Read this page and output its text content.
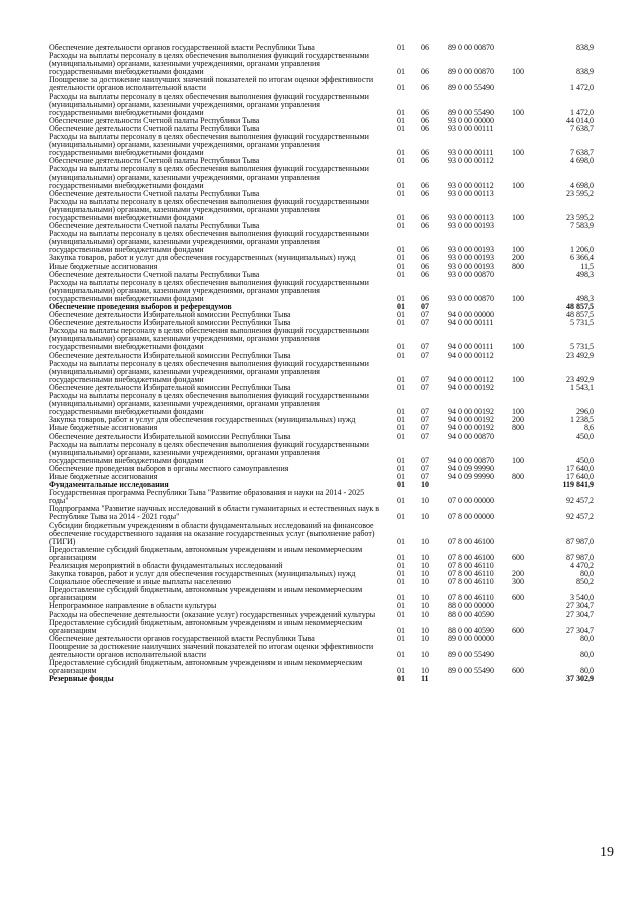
Обеспечение деятельности органов государственной власти Республики Тыва	01 06 89 0 00 00870	838,9
Расходы на выплаты персоналу в целях обеспечения выполнения функций государственными (муниципальными) органами, казенными учреждениями, органами управления государственными внебюджетными фондами	01 06 89 0 00 00870 100	838,9
Поощрение за достижение наилучших значений показателей по итогам оценки эффективности деятельности органов исполнительной власти	01 06 89 0 00 55490	1 472,0
Расходы на выплаты персоналу в целях обеспечения выполнения функций государственными (муниципальными) органами, казенными учреждениями, органами управления государственными внебюджетными фондами	01 06 89 0 00 55490 100	1 472,0
Обеспечение деятельности Счетной палаты Республики Тыва	01 06 93 0 00 00000	44 014,0
Обеспечение деятельности Счетной палаты Республики Тыва	01 06 93 0 00 00111	7 638,7
Расходы на выплаты персоналу в целях обеспечения выполнения функций государственными (муниципальными) органами, казенными учреждениями, органами управления государственными внебюджетными фондами	01 06 93 0 00 00111 100	7 638,7
Обеспечение деятельности Счетной палаты Республики Тыва	01 06 93 0 00 00112	4 698,0
Расходы на выплаты персоналу в целях обеспечения выполнения функций государственными (муниципальными) органами, казенными учреждениями, органами управления государственными внебюджетными фондами	01 06 93 0 00 00112 100	4 698,0
Обеспечение деятельности Счетной палаты Республики Тыва	01 06 93 0 00 00113	23 595,2
Расходы на выплаты персоналу в целях обеспечения выполнения функций государственными (муниципальными) органами, казенными учреждениями, органами управления государственными внебюджетными фондами	01 06 93 0 00 00113 100	23 595,2
Обеспечение деятельности Счетной палаты Республики Тыва	01 06 93 0 00 00193	7 583,9
Расходы на выплаты персоналу в целях обеспечения выполнения функций государственными (муниципальными) органами, казенными учреждениями, органами управления государственными внебюджетными фондами	01 06 93 0 00 00193 100	1 206,0
Закупка товаров, работ и услуг для обеспечения государственных (муниципальных) нужд	01 06 93 0 00 00193 200	6 366,4
Иные бюджетные ассигнования	01 06 93 0 00 00193 800	11,5
Обеспечение деятельности Счетной палаты Республики Тыва	01 06 93 0 00 00870	498,3
Расходы на выплаты персоналу в целях обеспечения выполнения функций государственными (муниципальными) органами, казенными учреждениями, органами управления государственными внебюджетными фондами	01 06 93 0 00 00870 100	498,3
Обеспечение проведения выборов и референдумов	01 07	48 857,5
Обеспечение деятельности Избирательной комиссии Республики Тыва	01 07 94 0 00 00000	48 857,5
Обеспечение деятельности Избирательной комиссии Республики Тыва	01 07 94 0 00 00111	5 731,5
Расходы на выплаты персоналу в целях обеспечения выполнения функций государственными (муниципальными) органами, казенными учреждениями, органами управления государственными внебюджетными фондами	01 07 94 0 00 00111 100	5 731,5
Обеспечение деятельности Избирательной комиссии Республики Тыва	01 07 94 0 00 00112	23 492,9
Расходы на выплаты персоналу в целях обеспечения выполнения функций государственными (муниципальными) органами, казенными учреждениями, органами управления государственными внебюджетными фондами	01 07 94 0 00 00112 100	23 492,9
Обеспечение деятельности Избирательной комиссии Республики Тыва	01 07 94 0 00 00192	1 543,1
Расходы на выплаты персоналу в целях обеспечения выполнения функций государственными (муниципальными) органами, казенными учреждениями, органами управления государственными внебюджетными фондами	01 07 94 0 00 00192 100	296,0
Закупка товаров, работ и услуг для обеспечения государственных (муниципальных) нужд	01 07 94 0 00 00192 200	1 238,5
Иные бюджетные ассигнования	01 07 94 0 00 00192 800	8,6
Обеспечение деятельности Избирательной комиссии Республики Тыва	01 07 94 0 00 00870	450,0
Расходы на выплаты персоналу в целях обеспечения выполнения функций государственными (муниципальными) органами, казенными учреждениями, органами управления государственными внебюджетными фондами	01 07 94 0 00 00870 100	450,0
Обеспечение проведения выборов в органы местного самоуправления	01 07 94 0 09 99990	17 640,0
Иные бюджетные ассигнования	01 07 94 0 09 99990 800	17 640,0
Фундаментальные исследования	01 10	119 841,9
Государственная программа Республики Тыва "Развитие образования и науки на 2014 - 2025 годы"	01 10 07 0 00 00000	92 457,2
Подпрограмма "Развитие научных исследований в области гуманитарных и естественных наук в Республике Тыва на 2014 - 2021 годы"	01 10 07 8 00 00000	92 457,2
Субсидии бюджетным учреждениям в области фундаментальных исследований на финансовое обеспечение государственного задания на оказание государственных услуг (выполнение работ) (ТИГИ)	01 10 07 8 00 46100	87 987,0
Предоставление субсидий бюджетным, автономным учреждениям и иным некоммерческим организациям	01 10 07 8 00 46100 600	87 987,0
Реализация мероприятий в области фундаментальных исследований	01 10 07 8 00 46110	4 470,2
Закупка товаров, работ и услуг для обеспечения государственных (муниципальных) нужд	01 10 07 8 00 46110 200	80,0
Социальное обеспечение и иные выплаты населению	01 10 07 8 00 46110 300	850,2
Предоставление субсидий бюджетным, автономным учреждениям и иным некоммерческим организациям	01 10 07 8 00 46110 600	3 540,0
Непрограммное направление в области культуры	01 10 88 0 00 00000	27 304,7
Расходы на обеспечение деятельности (оказание услуг) государственных учреждений культуры	01 10 88 0 00 40590	27 304,7
Предоставление субсидий бюджетным, автономным учреждениям и иным некоммерческим организациям	01 10 88 0 00 40590 600	27 304,7
Обеспечение деятельности органов государственной власти Республики Тыва	01 10 89 0 00 00000	80,0
Поощрение за достижение наилучших значений показателей по итогам оценки эффективности деятельности органов исполнительной власти	01 10 89 0 00 55490	80,0
Предоставление субсидий бюджетным, автономным учреждениям и иным некоммерческим организациям	01 10 89 0 00 55490 600	80,0
Резервные фонды	01 11	37 302,9
19
